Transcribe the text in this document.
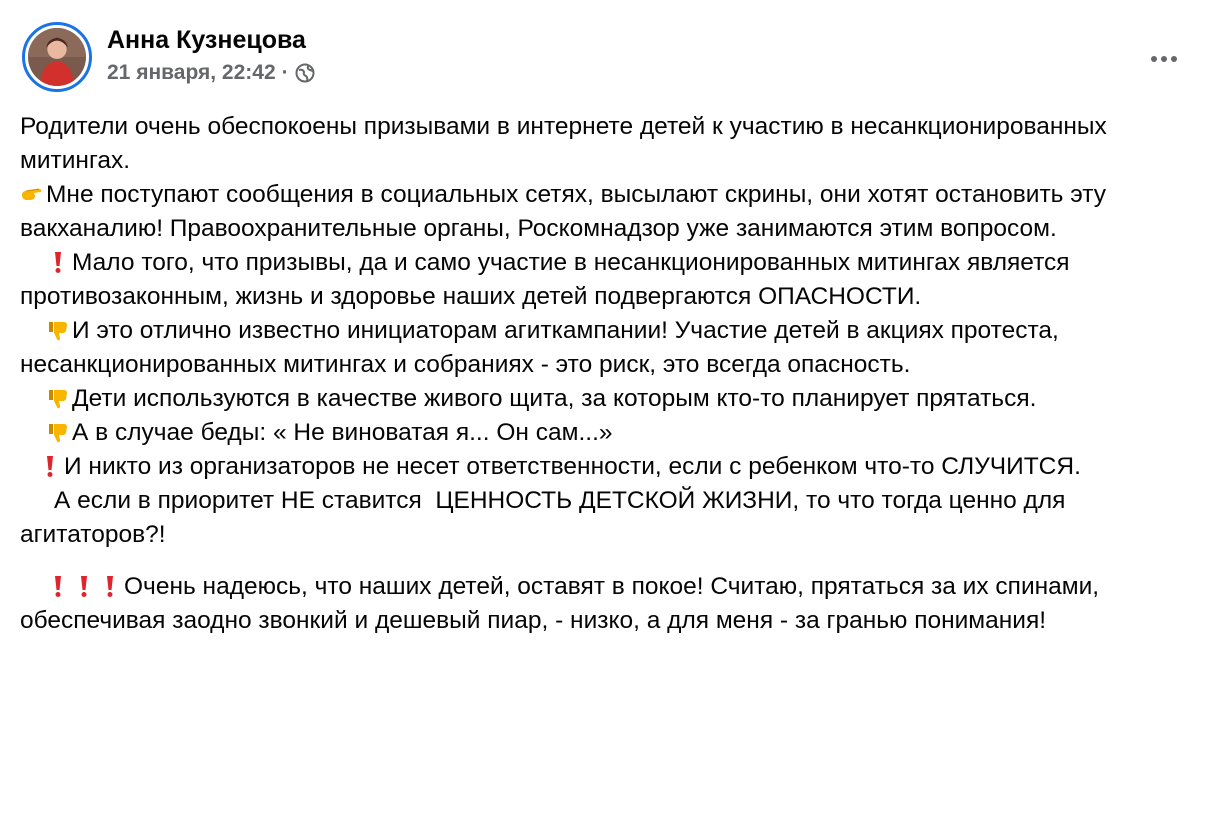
Анна Кузнецова
21 января, 22:42 ·

Родители очень обеспокоены призывами в интернете детей к участию в несанкционированных митингах.

Мне поступают сообщения в социальных сетях, высылают скрины, они хотят остановить эту вакханалию! Правоохранительные органы, Роскомнадзор уже занимаются этим вопросом.

Мало того, что призывы, да и само участие в несанкционированных митингах является противозаконным, жизнь и здоровье наших детей подвергаются ОПАСНОСТИ.

И это отлично известно инициаторам агиткампании! Участие детей в акциях протеста, несанкционированных митингах и собраниях - это риск, это всегда опасность.

Дети используются в качестве живого щита, за которым кто-то планирует прятаться.

А в случае беды: « Не виноватая я... Он сам...»

И никто из организаторов не несет ответственности, если с ребенком что-то СЛУЧИТСЯ.

А если в приоритет НЕ ставится  ЦЕННОСТЬ ДЕТСКОЙ ЖИЗНИ, то что тогда ценно для агитаторов?!

Очень надеюсь, что наших детей, оставят в покое! Считаю, прятаться за их спинами, обеспечивая заодно звонкий и дешевый пиар, - низко, а для меня - за гранью понимания!
